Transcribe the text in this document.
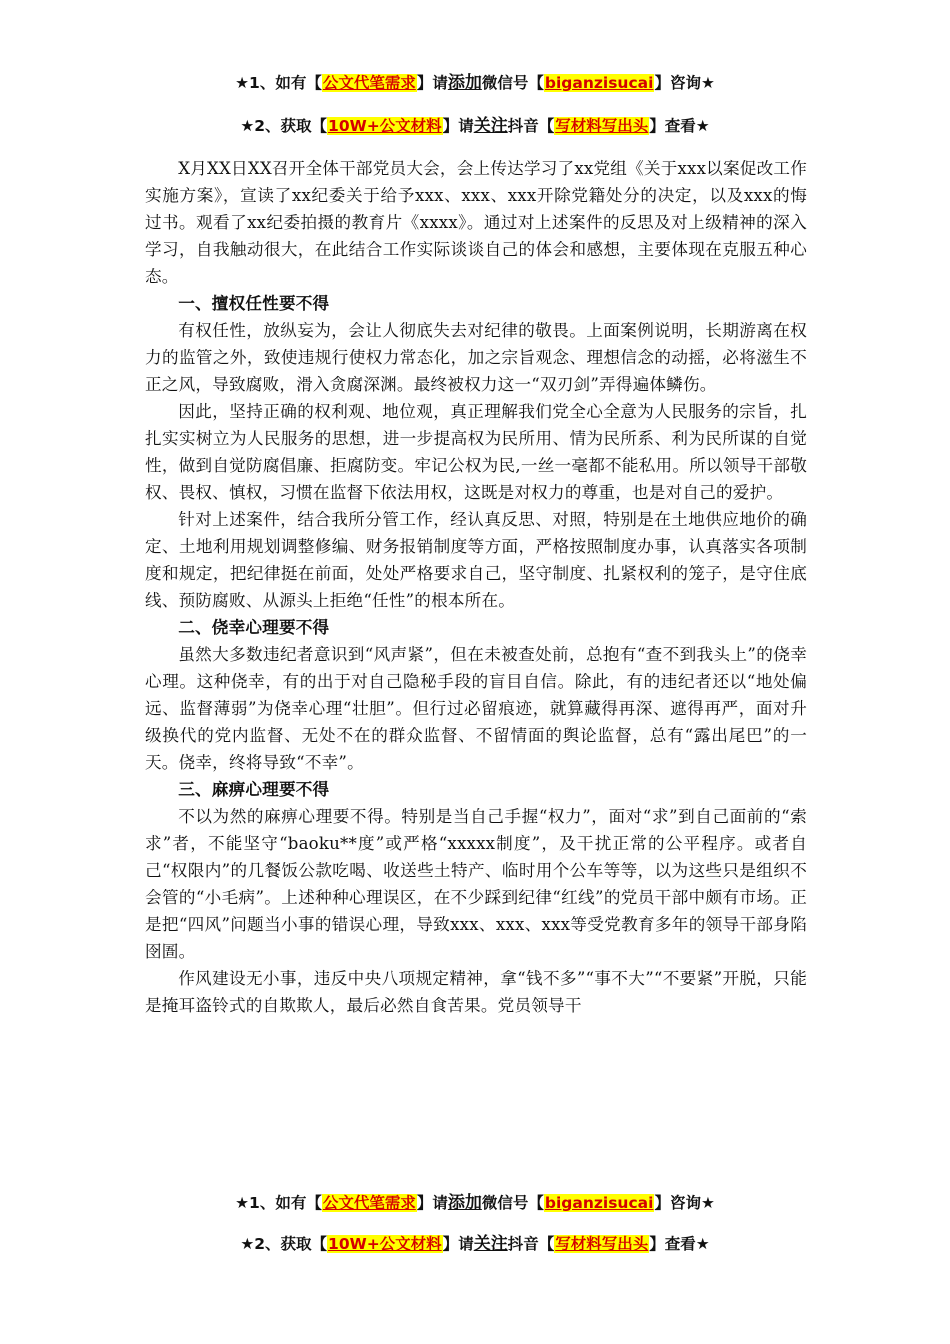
★1、如有【公文代笔需求】请添加微信号【biganzisucai】咨询★
★2、获取【10W+公文材料】请关注抖音【写材料写出头】查看★

X月XX日XX召开全体干部党员大会，会上传达学习了xx党组《关于xxx以案促改工作实施方案》，宣读了xx纪委关于给予xxx、xxx、xxx开除党籍处分的决定，以及xxx的悔过书。观看了xx纪委拍摄的教育片《xxxx》。通过对上述案件的反思及对上级精神的深入学习，自我触动很大，在此结合工作实际谈谈自己的体会和感想，主要体现在克服五种心态。

一、擅权任性要不得

有权任性，放纵妄为，会让人彻底失去对纪律的敬畏。上面案例说明，长期游离在权力的监管之外，致使违规行使权力常态化，加之宗旨观念、理想信念的动摇，必将滋生不正之风，导致腐败，滑入贪腐深渊。最终被权力这一“双刃剑”弄得遍体鳞伤。

因此，坚持正确的权利观、地位观，真正理解我们党全心全意为人民服务的宗旨，扎扎实实树立为人民服务的思想，进一步提高权为民所用、情为民所系、利为民所谋的自觉性，做到自觉防腐倡廉、拒腐防变。牢记公权为民,一丝一毫都不能私用。所以领导干部敬权、畏权、慎权，习惯在监督下依法用权，这既是对权力的尊重，也是对自己的爱护。

针对上述案件，结合我所分管工作，经认真反思、对照，特别是在土地供应地价的确定、土地利用规划调整修编、财务报销制度等方面，严格按照制度办事，认真落实各项制度和规定，把纪律挺在前面，处处严格要求自己，坚守制度、扎紧权利的笼子，是守住底线、预防腐败、从源头上拒绝“任性”的根本所在。

二、侥幸心理要不得

虽然大多数违纪者意识到“风声紧”，但在未被查处前，总抱有“查不到我头上”的侥幸心理。这种侥幸，有的出于对自己隐秘手段的盲目自信。除此，有的违纪者还以“地处偏远、监督薄弱”为侥幸心理“壮胆”。但行过必留痕迹，就算藏得再深、遮得再严，面对升级换代的党内监督、无处不在的群众监督、不留情面的舆论监督，总有“露出尾巴”的一天。侥幸，终将导致“不幸”。

三、麻痹心理要不得

不以为然的麻痹心理要不得。特别是当自己手握“权力”，面对“求”到自己面前的“索求”者，不能坚守“baoku**度”或严格“xxxxx制度”，及干扰正常的公平程序。或者自己“权限内”的几餐饭公款吃喝、收送些土特产、临时用个公车等等，以为这些只是组织不会管的“小毛病”。上述种种心理误区，在不少踩到纪律“红线”的党员干部中颇有市场。正是把“四风”问题当小事的错误心理，导致xxx、xxx、xxx等受党教育多年的领导干部身陷囹圄。

作风建设无小事，违反中央八项规定精神，拿“钱不多”“事不大”“不要紧”开脱，只能是掩耳盗铃式的自欺欺人，最后必然自食苦果。党员领导干

★1、如有【公文代笔需求】请添加微信号【biganzisucai】咨询★
★2、获取【10W+公文材料】请关注抖音【写材料写出头】查看★
